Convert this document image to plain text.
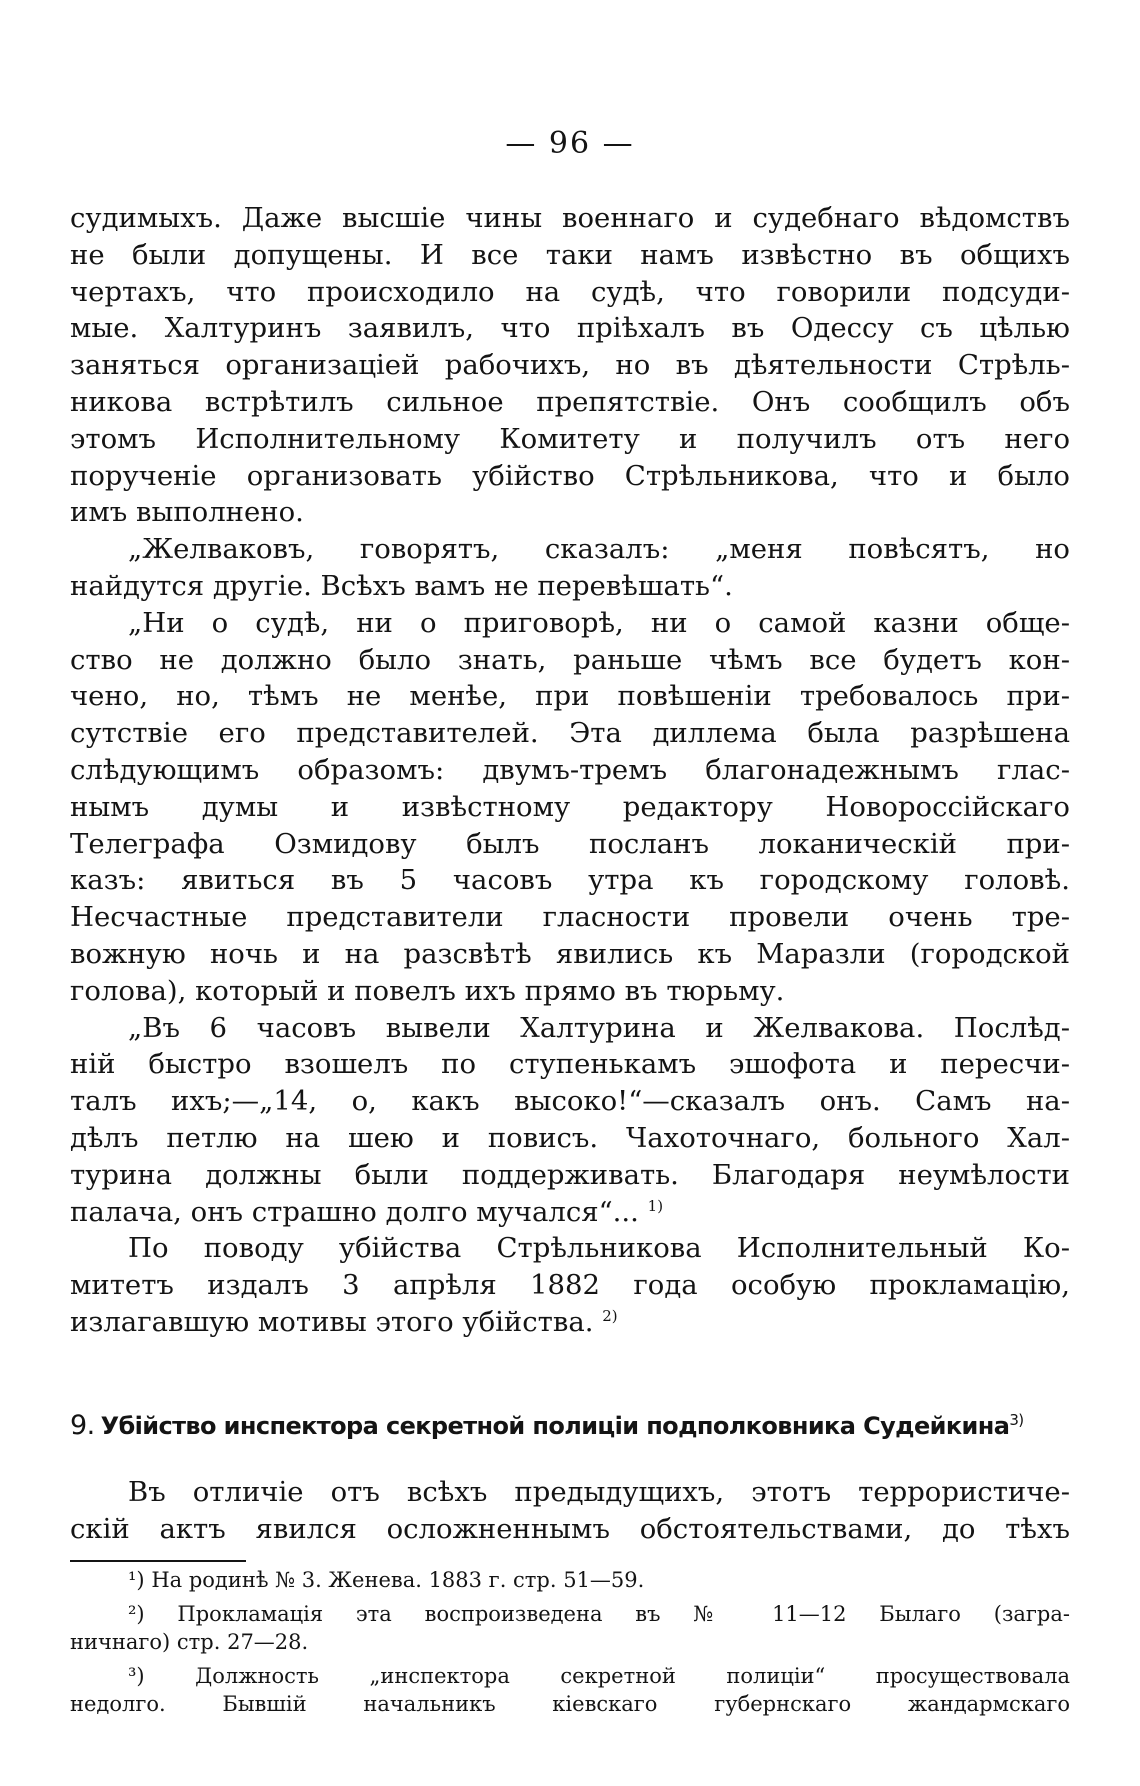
— 96 —
судимыхъ. Даже высшіе чины военнаго и судебнаго вѣдомствъ
не были допущены. И все таки намъ извѣстно въ общихъ
чертахъ, что происходило на судѣ, что говорили подсуди-
мые. Халтуринъ заявилъ, что пріѣхалъ въ Одессу съ цѣлью
заняться организаціей рабочихъ, но въ дѣятельности Стрѣль-
никова встрѣтилъ сильное препятствіе. Онъ сообщилъ объ
этомъ Исполнительному Комитету и получилъ отъ него
порученіе организовать убійство Стрѣльникова, что и было
имъ выполнено.
„Желваковъ, говорятъ, сказалъ: „меня повѣсятъ, но
найдутся другіе. Всѣхъ вамъ не перевѣшать“.
„Ни о судѣ, ни о приговорѣ, ни о самой казни обще-
ство не должно было знать, раньше чѣмъ все будетъ кон-
чено, но, тѣмъ не менѣе, при повѣшеніи требовалось при-
сутствіе его представителей. Эта диллема была разрѣшена
слѣдующимъ образомъ: двумъ-тремъ благонадежнымъ глас-
нымъ думы и извѣстному редактору Новороссійскаго
Телеграфа Озмидову былъ посланъ локаническій при-
казъ: явиться въ 5 часовъ утра къ городскому головѣ.
Несчастные представители гласности провели очень тре-
вожную ночь и на разсвѣтѣ явились къ Маразли (городской
голова), который и повелъ ихъ прямо въ тюрьму.
„Въ 6 часовъ вывели Халтурина и Желвакова. Послѣд-
ній быстро взошелъ по ступенькамъ эшофота и пересчи-
талъ ихъ;—„14, о, какъ высоко!“—сказалъ онъ. Самъ на-
дѣлъ петлю на шею и повисъ. Чахоточнаго, больного Хал-
турина должны были поддерживать. Благодаря неумѣлости
палача, онъ страшно долго мучался“... $^{1)}$
По поводу убійства Стрѣльникова Исполнительный Ко-
митетъ издалъ 3 апрѣля 1882 года особую прокламацію,
излагавшую мотивы этого убійства. $^{2)}$
9. Убійство инспектора секретной полиціи подполковника Судейкина$^{3)}$
Въ отличіе отъ всѣхъ предыдущихъ, этотъ террористиче-
скій актъ явился осложненнымъ обстоятельствами, до тѣхъ
¹) На родинѣ № 3. Женева. 1883 г. стр. 51—59.
²) Прокламація эта воспроизведена въ № 11—12 Былаго (загра-
ничнаго) стр. 27—28.
³) Должность „инспектора секретной полиціи“ просуществовала
недолго. Бывшій начальникъ кіевскаго губернскаго жандармскаго
